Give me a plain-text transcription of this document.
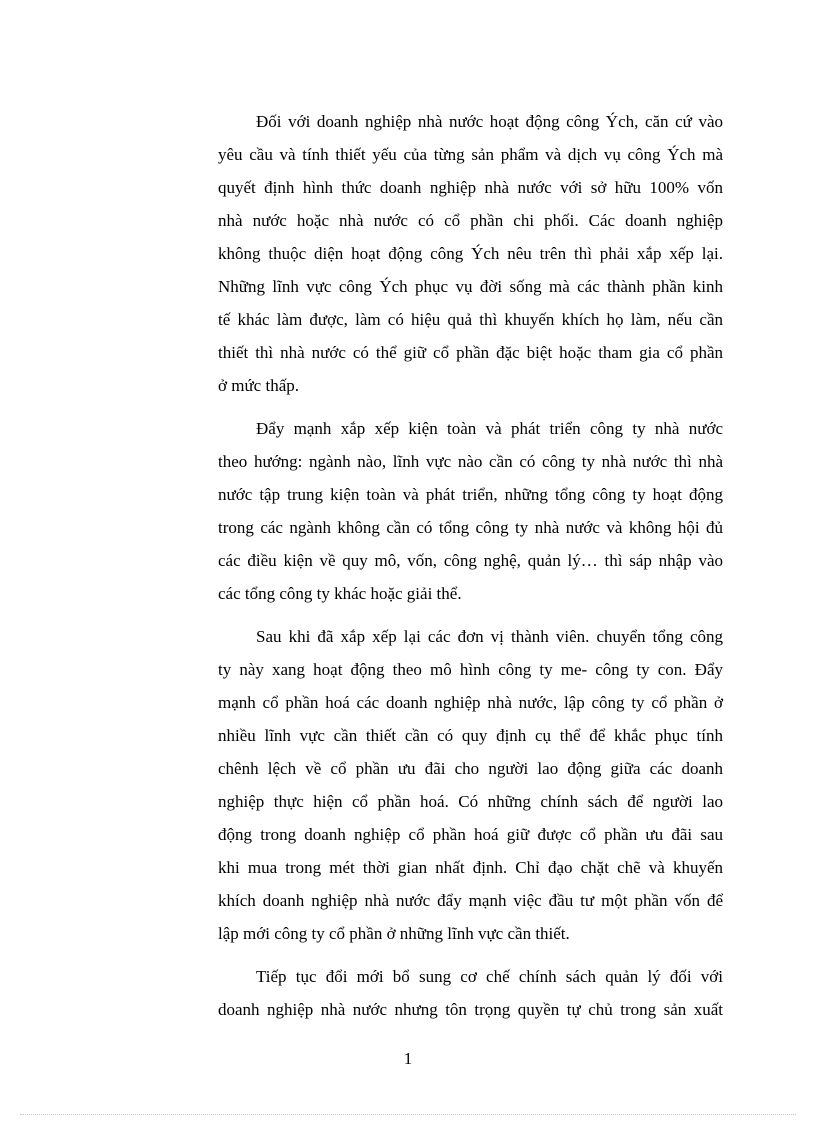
Đối với doanh nghiệp nhà nước hoạt động công Ých, căn cứ vào
yêu cầu và tính thiết yếu của từng sản phẩm và dịch vụ công Ých mà
quyết định hình thức doanh nghiệp nhà nước với sở hữu 100% vốn
nhà nước hoặc nhà nước có cổ phần chi phối. Các doanh nghiệp
không thuộc diện hoạt động công Ých nêu trên thì phải xắp xếp lại.
Những lĩnh vực công Ých phục vụ đời sống mà các thành phần kinh
tế khác làm được, làm có hiệu quả thì khuyến khích họ làm, nếu cần
thiết thì nhà nước có thể giữ cổ phần đặc biệt hoặc tham gia cổ phần
ở mức thấp.
Đẩy mạnh xắp xếp kiện toàn và phát triển công ty nhà nước
theo hướng: ngành nào, lĩnh vực nào cần có công ty nhà nước thì nhà
nước tập trung kiện toàn và phát triển, những tổng công ty hoạt động
trong các ngành không cần có tổng công ty nhà nước và không hội đủ
các điều kiện về quy mô, vốn, công nghệ, quản lý… thì sáp nhập vào
các tổng công ty khác hoặc giải thể.
Sau khi đã xắp xếp lại các đơn vị thành viên. chuyển tổng công
ty này xang hoạt động theo mô hình công ty me- công ty con. Đẩy
mạnh cổ phần hoá các doanh nghiệp nhà nước, lập công ty cổ phần ở
nhiều lĩnh vực cần thiết cần có quy định cụ thể để khắc phục tính
chênh lệch về cổ phần ưu đãi cho người lao động giữa các doanh
nghiệp thực hiện cổ phần hoá. Có những chính sách để người lao
động trong doanh nghiệp cổ phần hoá giữ được cổ phần ưu đãi sau
khi mua trong mét thời gian nhất định. Chỉ đạo chặt chẽ và khuyến
khích doanh nghiệp nhà nước đẩy mạnh việc đầu tư một phần vốn để
lập mới công ty cổ phần ở những lĩnh vực cần thiết.
Tiếp tục đổi mới bổ sung cơ chế chính sách quản lý đối với
doanh nghiệp nhà nước nhưng tôn trọng quyền tự chủ trong sản xuất
1
